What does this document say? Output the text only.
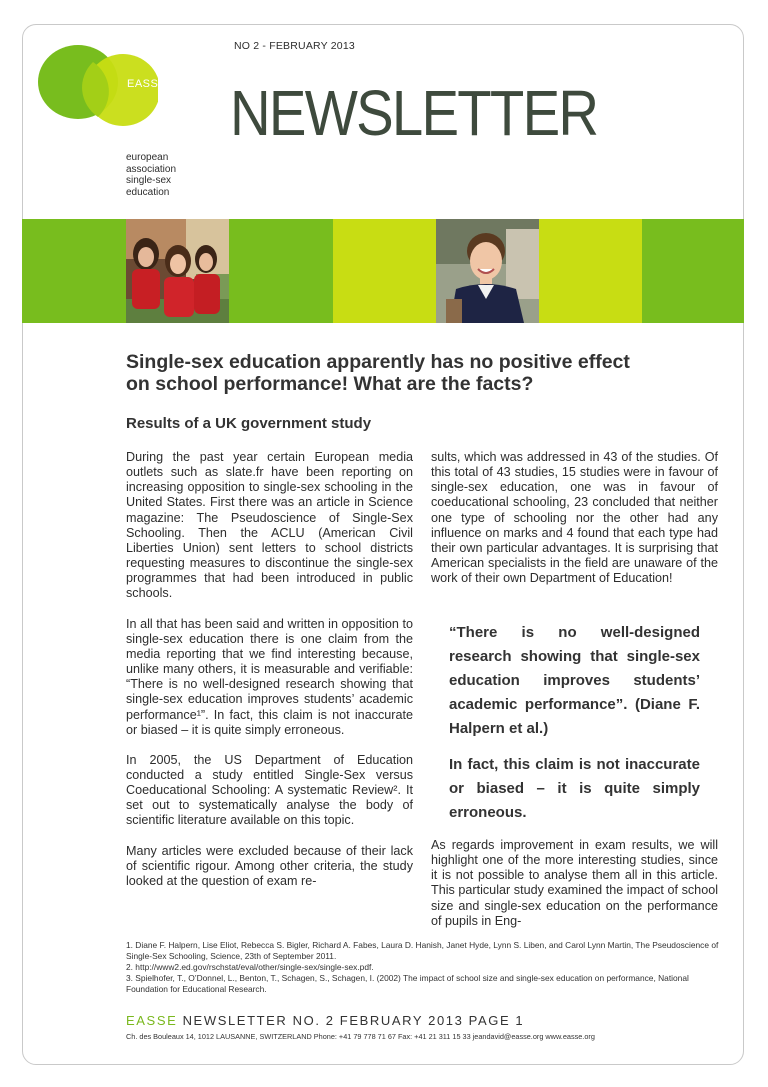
EASSE
european
association
single-sex
education
NO 2 - FEBRUARY 2013
NEWSLETTER
Single-sex education apparently has no positive effect
on school performance! What are the facts?
Results of a UK government study

During the past year certain European media outlets such as slate.fr have been reporting on increasing opposition to single-sex schooling in the United States. First there was an article in Science magazine: The Pseudoscience of Single-Sex Schooling. Then the ACLU (American Civil Liberties Union) sent letters to school districts requesting measures to discontinue the single-sex programmes that had been introduced in public schools.

In all that has been said and written in opposition to single-sex education there is one claim from the media reporting that we find interesting because, unlike many others, it is measurable and verifiable: “There is no well-designed research showing that single-sex education improves students’ academic performance¹”. In fact, this claim is not inaccurate or biased – it is quite simply erroneous.

In 2005, the US Department of Education conducted a study entitled Single-Sex versus Coeducational Schooling: A systematic Review². It set out to systematically analyse the body of scientific literature available on this topic.

Many articles were excluded because of their lack of scientific rigour. Among other criteria, the study looked at the question of exam re-

sults, which was addressed in 43 of the studies. Of this total of 43 studies, 15 studies were in favour of single-sex education, one was in favour of coeducational schooling, 23 concluded that neither one type of schooling nor the other had any influence on marks and 4 found that each type had their own particular advantages. It is surprising that American specialists in the field are unaware of the work of their own Department of Education!

“There is no well-designed research showing that single-sex education improves students’ academic performance”. (Diane F. Halpern et al.)

In fact, this claim is not inaccurate or biased – it is quite simply erroneous.

As regards improvement in exam results, we will highlight one of the more interesting studies, since it is not possible to analyse them all in this article. This particular study examined the impact of school size and single-sex education on the performance of pupils in Eng-

1. Diane F. Halpern, Lise Eliot, Rebecca S. Bigler, Richard A. Fabes, Laura D. Hanish, Janet Hyde, Lynn S. Liben, and Carol Lynn Martin, The Pseudoscience of Single-Sex Schooling, Science, 23th of September 2011.
2. http://www2.ed.gov/rschstat/eval/other/single-sex/single-sex.pdf.
3. Spielhofer, T., O’Donnel, L., Benton, T., Schagen, S., Schagen, I. (2002) The impact of school size and single-sex education on performance, National Foundation for Educational Research.
EASSE NEWSLETTER NO. 2 FEBRUARY 2013 PAGE 1
Ch. des Bouleaux 14, 1012 LAUSANNE, SWITZERLAND Phone: +41 79 778 71 67 Fax: +41 21 311 15 33 jeandavid@easse.org www.easse.org
